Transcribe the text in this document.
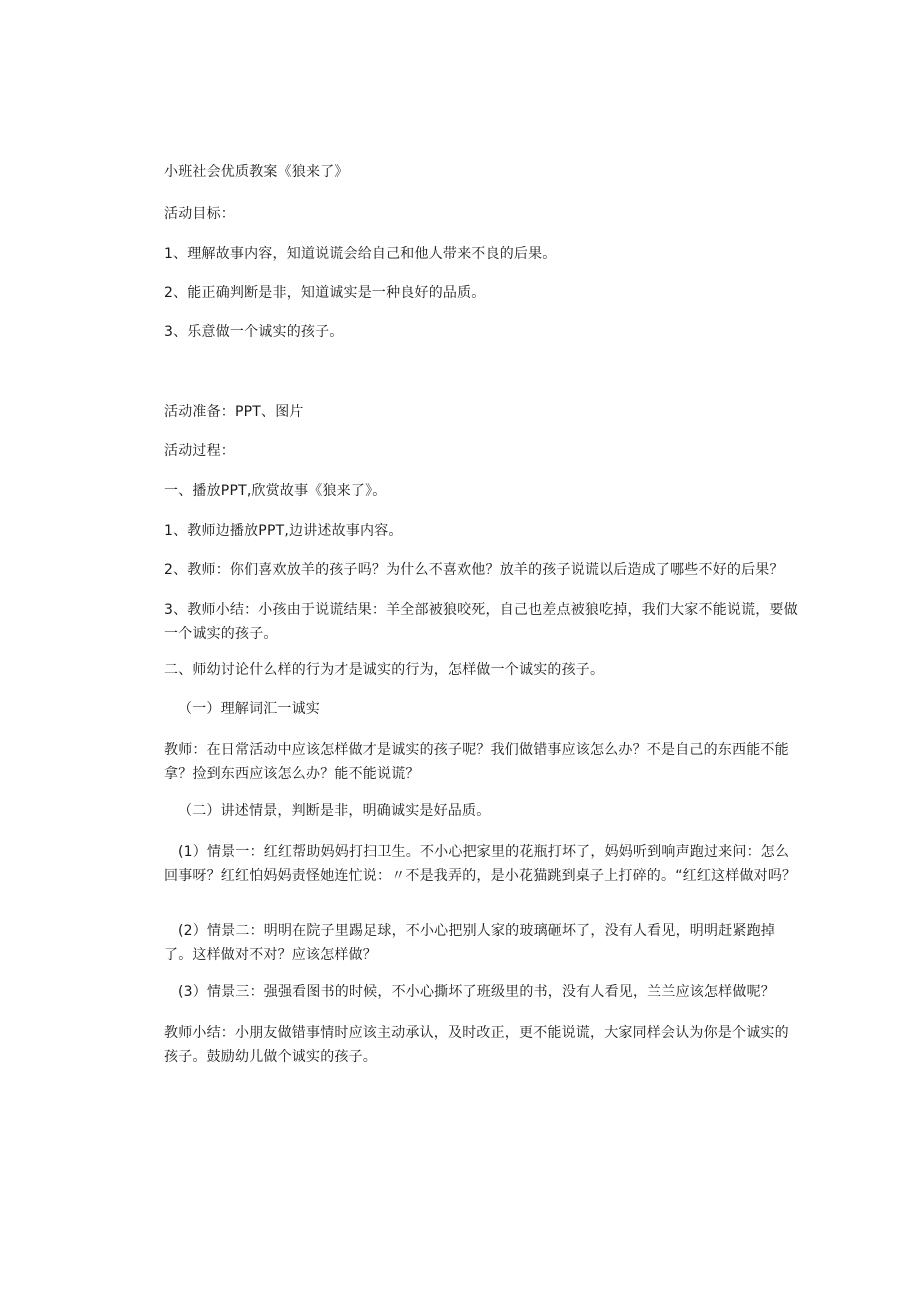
小班社会优质教案《狼来了》
活动目标：
1、理解故事内容，知道说谎会给自己和他人带来不良的后果。
2、能正确判断是非，知道诚实是一种良好的品质。
3、乐意做一个诚实的孩子。
活动准备：PPT、图片
活动过程：
一、播放PPT,欣赏故事《狼来了》。
1、教师边播放PPT,边讲述故事内容。
2、教师：你们喜欢放羊的孩子吗？为什么不喜欢他？放羊的孩子说谎以后造成了哪些不好的后果？
3、教师小结：小孩由于说谎结果：羊全部被狼咬死，自己也差点被狼吃掉，我们大家不能说谎，要做一个诚实的孩子。
二、师幼讨论什么样的行为才是诚实的行为，怎样做一个诚实的孩子。
（一）理解词汇一诚实
教师：在日常活动中应该怎样做才是诚实的孩子呢？我们做错事应该怎么办？不是自己的东西能不能拿？捡到东西应该怎么办？能不能说谎？
（二）讲述情景，判断是非，明确诚实是好品质。
(1）情景一：红红帮助妈妈打扫卫生。不小心把家里的花瓶打坏了，妈妈听到响声跑过来问：怎么回事呀？红红怕妈妈责怪她连忙说：〃不是我弄的，是小花猫跳到桌子上打碎的。“红红这样做对吗？
(2）情景二：明明在院子里踢足球，不小心把别人家的玻璃砸坏了，没有人看见，明明赶紧跑掉了。这样做对不对？应该怎样做？
(3）情景三：强强看图书的时候，不小心撕坏了班级里的书，没有人看见，兰兰应该怎样做呢？
教师小结：小朋友做错事情时应该主动承认，及时改正，更不能说谎，大家同样会认为你是个诚实的孩子。鼓励幼儿做个诚实的孩子。
